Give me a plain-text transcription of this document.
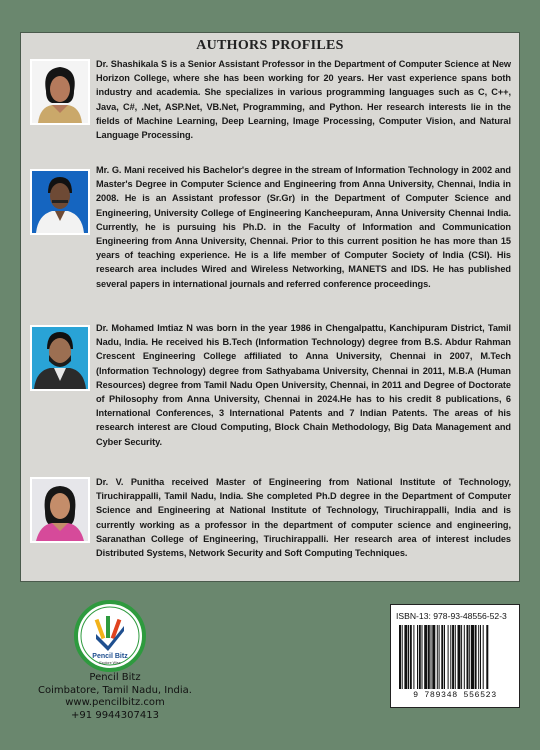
AUTHORS PROFILES
Dr. Shashikala S is a Senior Assistant Professor in the Department of Computer Science at New Horizon College, where she has been working for 20 years. Her vast experience spans both industry and academia. She specializes in various programming languages such as C, C++, Java, C#, .Net, ASP.Net, VB.Net, Programming, and Python. Her research interests lie in the fields of Machine Learning, Deep Learning, Image Processing, Computer Vision, and Natural Language Processing.
Mr. G. Mani received his Bachelor's degree in the stream of Information Technology in 2002 and Master's Degree in Computer Science and Engineering from Anna University, Chennai, India in 2008. He is an Assistant professor (Sr.Gr) in the Department of Computer Science and Engineering, University College of Engineering Kancheepuram, Anna University Chennai India. Currently, he is pursuing his Ph.D. in the Faculty of Information and Communication Engineering from Anna University, Chennai. Prior to this current position he has more than 15 years of teaching experience. He is a life member of Computer Society of India (CSI). His research area includes Wired and Wireless Networking, MANETS and IDS. He has published several papers in international journals and referred conference proceedings.
Dr. Mohamed Imtiaz N was born in the year 1986 in Chengalpattu, Kanchipuram District, Tamil Nadu, India. He received his B.Tech (Information Technology) degree from B.S. Abdur Rahman Crescent Engineering College affiliated to Anna University, Chennai in 2007, M.Tech (Information Technology) degree from Sathyabama University, Chennai in 2011, M.B.A (Human Resources) degree from Tamil Nadu Open University, Chennai, in 2011 and Degree of Doctorate of Philosophy from Anna University, Chennai in 2024.He has to his credit 8 publications, 6 International Conferences, 3 International Patents and 7 Indian Patents. The areas of his research interest are Cloud Computing, Block Chain Methodology, Big Data Management and Cyber Security.
Dr. V. Punitha received Master of Engineering from National Institute of Technology, Tiruchirappalli, Tamil Nadu, India. She completed Ph.D degree in the Department of Computer Science and Engineering at National Institute of Technology, Tiruchirappalli, India and is currently working as a professor in the department of computer science and engineering, Saranathan College of Engineering, Tiruchirappalli. Her research area of interest includes Distributed Systems, Network Security and Soft Computing Techniques.
Pencil Bitz
Explore Wise
Pencil Bitz
Coimbatore, Tamil Nadu, India.
www.pencilbitz.com
+91 9944307413
ISBN-13: 978-93-48556-52-3
9 789348 556523
